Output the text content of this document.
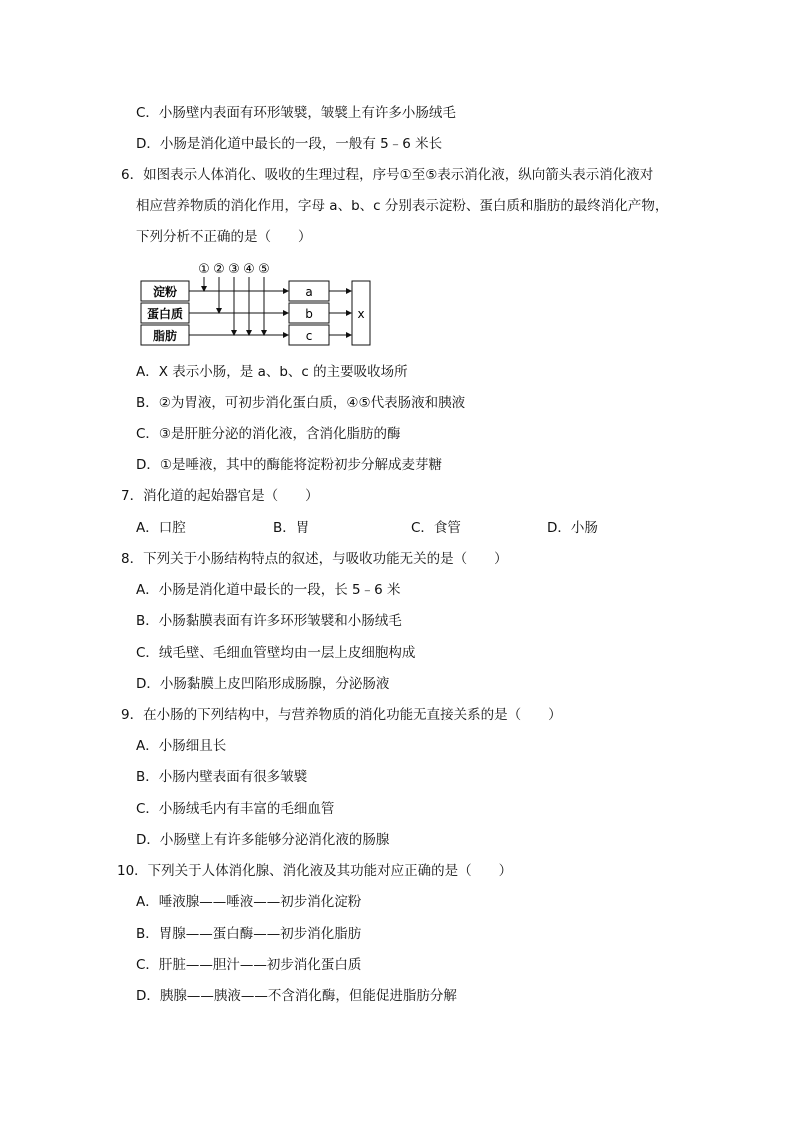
C．小肠壁内表面有环形皱襞，皱襞上有许多小肠绒毛
D．小肠是消化道中最长的一段，一般有 5﹣6 米长
6．如图表示人体消化、吸收的生理过程，序号①至⑤表示消化液，纵向箭头表示消化液对
相应营养物质的消化作用，字母 a、b、c 分别表示淀粉、蛋白质和脂肪的最终消化产物，
下列分析不正确的是（　　）
① ② ③ ④ ⑤
淀粉
蛋白质
脂肪
a
b
c
x
A．X 表示小肠，是 a、b、c 的主要吸收场所
B．②为胃液，可初步消化蛋白质，④⑤代表肠液和胰液
C．③是肝脏分泌的消化液，含消化脂肪的酶
D．①是唾液，其中的酶能将淀粉初步分解成麦芽糖
7．消化道的起始器官是（　　）
A．口腔	B．胃	C．食管	D．小肠
8．下列关于小肠结构特点的叙述，与吸收功能无关的是（　　）
A．小肠是消化道中最长的一段，长 5﹣6 米
B．小肠黏膜表面有许多环形皱襞和小肠绒毛
C．绒毛壁、毛细血管壁均由一层上皮细胞构成
D．小肠黏膜上皮凹陷形成肠腺，分泌肠液
9．在小肠的下列结构中，与营养物质的消化功能无直接关系的是（　　）
A．小肠细且长
B．小肠内壁表面有很多皱襞
C．小肠绒毛内有丰富的毛细血管
D．小肠壁上有许多能够分泌消化液的肠腺
10．下列关于人体消化腺、消化液及其功能对应正确的是（　　）
A．唾液腺——唾液——初步消化淀粉
B．胃腺——蛋白酶——初步消化脂肪
C．肝脏——胆汁——初步消化蛋白质
D．胰腺——胰液——不含消化酶，但能促进脂肪分解
